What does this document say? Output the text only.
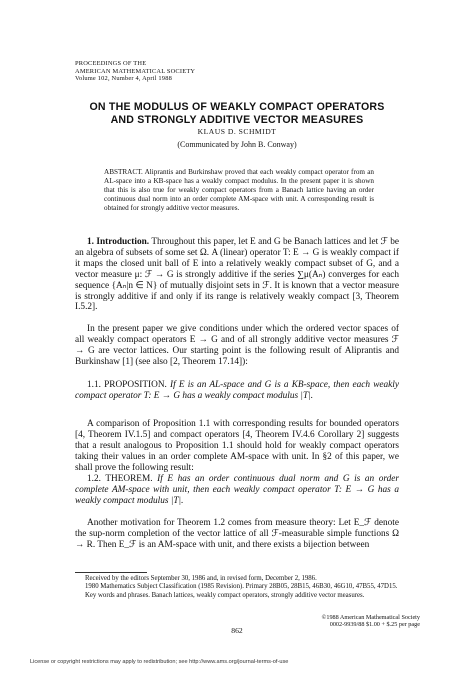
PROCEEDINGS OF THE
AMERICAN MATHEMATICAL SOCIETY
Volume 102, Number 4, April 1988
ON THE MODULUS OF WEAKLY COMPACT OPERATORS
AND STRONGLY ADDITIVE VECTOR MEASURES
KLAUS D. SCHMIDT
(Communicated by John B. Conway)

ABSTRACT. Aliprantis and Burkinshaw proved that each weakly compact operator from an AL-space into a KB-space has a weakly compact modulus. In the present paper it is shown that this is also true for weakly compact operators from a Banach lattice having an order continuous dual norm into an order complete AM-space with unit. A corresponding result is obtained for strongly additive vector measures.

1. Introduction. Throughout this paper, let E and G be Banach lattices and let ℱ be an algebra of subsets of some set Ω. A (linear) operator T: E → G is weakly compact if it maps the closed unit ball of E into a relatively weakly compact subset of G, and a vector measure μ: ℱ → G is strongly additive if the series ∑μ(Aₙ) converges for each sequence {Aₙ|n ∈ N} of mutually disjoint sets in ℱ. It is known that a vector measure is strongly additive if and only if its range is relatively weakly compact [3, Theorem I.5.2].
In the present paper we give conditions under which the ordered vector spaces of all weakly compact operators E → G and of all strongly additive vector measures ℱ → G are vector lattices. Our starting point is the following result of Aliprantis and Burkinshaw [1] (see also [2, Theorem 17.14]):
1.1. PROPOSITION. If E is an AL-space and G is a KB-space, then each weakly compact operator T: E → G has a weakly compact modulus |T|.
A comparison of Proposition 1.1 with corresponding results for bounded operators [4, Theorem IV.1.5] and compact operators [4, Theorem IV.4.6 Corollary 2] suggests that a result analogous to Proposition 1.1 should hold for weakly compact operators taking their values in an order complete AM-space with unit. In §2 of this paper, we shall prove the following result:
1.2. THEOREM. If E has an order continuous dual norm and G is an order complete AM-space with unit, then each weakly compact operator T: E → G has a weakly compact modulus |T|.
Another motivation for Theorem 1.2 comes from measure theory: Let E_ℱ denote the sup-norm completion of the vector lattice of all ℱ-measurable simple functions Ω → R. Then E_ℱ is an AM-space with unit, and there exists a bijection between

Received by the editors September 30, 1986 and, in revised form, December 2, 1986.

1980 Mathematics Subject Classification (1985 Revision). Primary 28B05, 28B15, 46B30, 46G10, 47B55, 47D15.

Key words and phrases. Banach lattices, weakly compact operators, strongly additive vector measures.

©1988 American Mathematical Society
0002-9939/88 $1.00 + $.25 per page
862
License or copyright restrictions may apply to redistribution; see http://www.ams.org/journal-terms-of-use
